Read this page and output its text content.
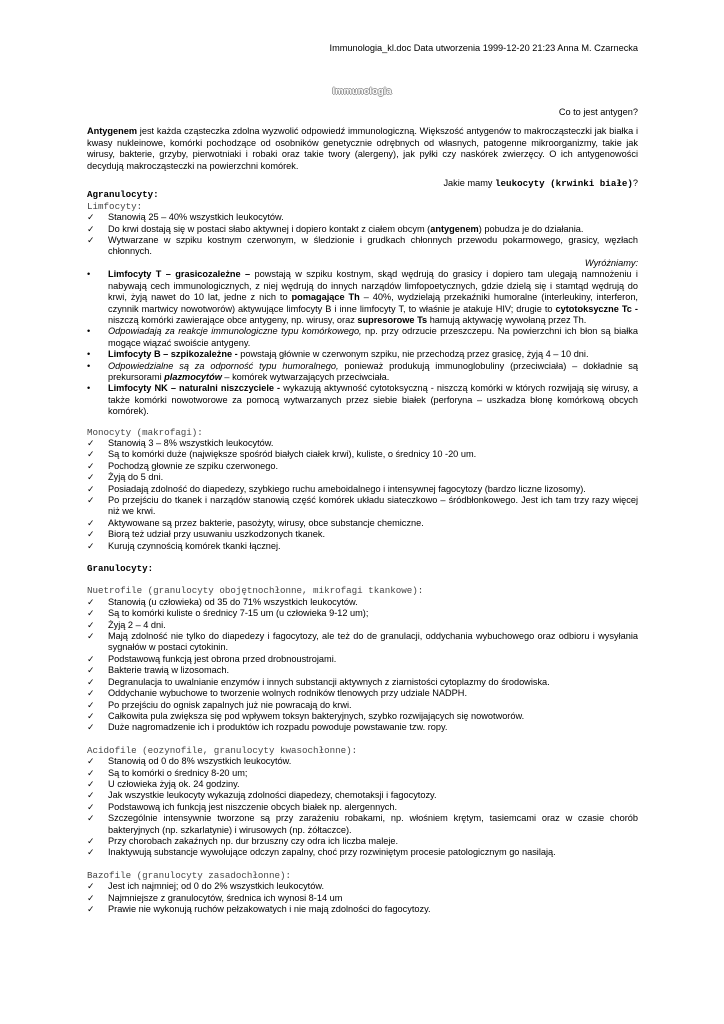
Immunologia_kl.doc Data utworzenia 1999-12-20 21:23 Anna M. Czarnecka
Immunologia

Co to jest antygen?

Antygenem jest każda cząsteczka zdolna wyzwolić odpowiedź immunologiczną. Większość antygenów to makrocząsteczki jak białka i kwasy nukleinowe, komórki pochodzące od osobników genetycznie odrębnych od własnych, patogenne mikroorganizmy, takie jak wirusy, bakterie, grzyby, pierwotniaki i robaki oraz takie twory (alergeny), jak pyłki czy naskórek zwierzęcy. O ich antygenowości decydują makrocząsteczki na powierzchni komórek.

Jakie mamy leukocyty (krwinki białe)?

Agranulocyty:

Limfocyty:

✓	Stanowią 25 – 40% wszystkich leukocytów.
✓	Do krwi dostają się w postaci słabo aktywnej i dopiero kontakt z ciałem obcym (antygenem) pobudza je do działania.
✓	Wytwarzane w szpiku kostnym czerwonym, w śledzionie i grudkach chłonnych przewodu pokarmowego, grasicy, węzłach chłonnych.

Wyróżniamy:

•	Limfocyty T – grasicozależne – powstają w szpiku kostnym, skąd wędrują do grasicy i dopiero tam ulegają namnożeniu i nabywają cech immunologicznych, z niej wędrują do innych narządów limfopoetycznych, gdzie dzielą się i stamtąd wędrują do krwi, żyją nawet do 10 lat, jedne z nich to pomagające Th – 40%, wydzielają przekaźniki humoralne (interleukiny, interferon, czynnik martwicy nowotworów) aktywujące limfocyty B i inne limfocyty T, to właśnie je atakuje HIV; drugie to cytotoksyczne Tc - niszczą komórki zawierające obce antygeny, np. wirusy, oraz supresorowe Ts hamują aktywację wywołaną przez Th.
•	Odpowiadają za reakcje immunologiczne typu komórkowego, np. przy odrzucie przeszczepu. Na powierzchni ich błon są białka mogące wiązać swoiście antygeny.
•	Limfocyty B – szpikozależne - powstają głównie w czerwonym szpiku, nie przechodzą przez grasicę, żyją 4 – 10 dni.
•	Odpowiedzialne są za odporność typu humoralnego, ponieważ produkują immunoglobuliny (przeciwciała) – dokładnie są prekursorami plazmocytów – komórek wytwarzających przeciwciała.
•	Limfocyty NK – naturalni niszczyciele - wykazują aktywność cytotoksyczną - niszczą komórki w których rozwijają się wirusy, a także komórki nowotworowe za pomocą wytwarzanych przez siebie białek (perforyna – uszkadza błonę komórkową obcych komórek).

Monocyty (makrofagi):

✓	Stanowią 3 – 8% wszystkich leukocytów.
✓	Są to komórki duże (największe spośród białych ciałek krwi), kuliste, o średnicy 10 -20 um.
✓	Pochodzą głownie ze szpiku czerwonego.
✓	Żyją do 5 dni.
✓	Posiadają zdolność do diapedezy, szybkiego ruchu ameboidalnego i intensywnej fagocytozy (bardzo liczne lizosomy).
✓	Po przejściu do tkanek i narządów stanowią część komórek układu siateczkowo – śródbłonkowego. Jest ich tam trzy razy więcej niż we krwi.
✓	Aktywowane są przez bakterie, pasożyty, wirusy, obce substancje chemiczne.
✓	Biorą też udział przy usuwaniu uszkodzonych tkanek.
✓	Kurują czynnością komórek tkanki łącznej.

Granulocyty:

Nuetrofile (granulocyty obojętnochłonne, mikrofagi tkankowe):

✓	Stanowią (u człowieka) od 35 do 71% wszystkich leukocytów.
✓	Są to komórki kuliste o średnicy 7-15 um (u człowieka 9-12 um);
✓	Żyją 2 – 4 dni.
✓	Mają zdolność nie tylko do diapedezy i fagocytozy, ale też do de granulacji, oddychania wybuchowego oraz odbioru i wysyłania sygnałów w postaci cytokinin.
✓	Podstawową funkcją jest obrona przed drobnoustrojami.
✓	Bakterie trawią w lizosomach.
✓	Degranulacja to uwalnianie enzymów i innych substancji aktywnych z ziarnistości cytoplazmy do środowiska.
✓	Oddychanie wybuchowe to tworzenie wolnych rodników tlenowych przy udziale NADPH.
✓	Po przejściu do ognisk zapalnych już nie powracają do krwi.
✓	Całkowita pula zwiększa się pod wpływem toksyn bakteryjnych, szybko rozwijających się nowotworów.
✓	Duże nagromadzenie ich i produktów ich rozpadu powoduje powstawanie tzw. ropy.

Acidofile (eozynofile, granulocyty kwasochłonne):

✓	Stanowią od 0 do 8% wszystkich leukocytów.
✓	Są to komórki o średnicy 8-20 um;
✓	U człowieka żyją ok. 24 godziny.
✓	Jak wszystkie leukocyty wykazują zdolności diapedezy, chemotaksji i fagocytozy.
✓	Podstawową ich funkcją jest niszczenie obcych białek np. alergennych.
✓	Szczególnie intensywnie tworzone są przy zarażeniu robakami, np. włośniem krętym, tasiemcami oraz w czasie chorób bakteryjnych (np. szkarlatynie) i wirusowych (np. żółtaczce).
✓	Przy chorobach zakaźnych np. dur brzuszny czy odra ich liczba maleje.
✓	Inaktywują substancje wywołujące odczyn zapalny, choć przy rozwiniętym procesie patologicznym go nasilają.

Bazofile (granulocyty zasadochłonne):

✓	Jest ich najmniej; od 0 do 2% wszystkich leukocytów.
✓	Najmniejsze z granulocytów, średnica ich wynosi 8-14 um
✓	Prawie nie wykonują ruchów pełzakowatych i nie mają zdolności do fagocytozy.
